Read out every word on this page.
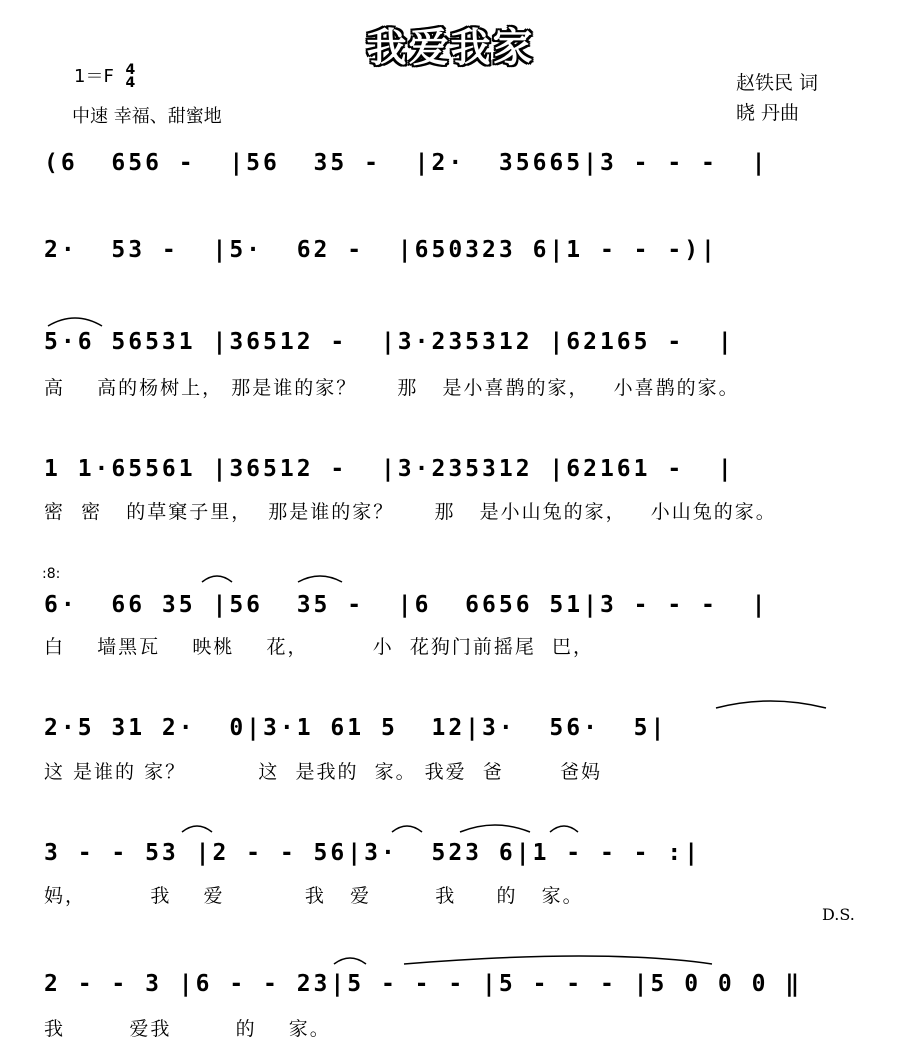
我爱我家
1＝F 4
4
中速 幸福、甜蜜地
赵铁民 词
晓 丹曲
(6  656 -  |56  35 -  |2·  35665|3 - - -  |
2·  53 -  |5·  62 -  |650323 6|1 - - -)|
5·6 56531 |36512 -  |3·235312 |62165 -  |
高    高的杨树上， 那是谁的家？     那   是小喜鹊的家，   小喜鹊的家。
1 1·65561 |36512 -  |3·235312 |62161 -  |
密  密   的草窠子里，  那是谁的家？     那   是小山兔的家，   小山兔的家。
:8:
6·  66 35 |56  35 -  |6  6656 51|3 - - -  |
白    墙黑瓦    映桃    花，        小  花狗门前摇尾  巴，
2·5 31 2·  0|3·1 61 5  12|3·  56·  5|
这 是谁的 家？         这  是我的  家。 我爱  爸       爸妈
3 - - 53 |2 - - 56|3·  523 6|1 - - - :|
妈，        我    爱          我   爱        我     的   家。
D.S.
2 - - 3 |6 - - 23|5 - - - |5 - - - |5 0 0 0 ‖
我        爱我        的    家。
